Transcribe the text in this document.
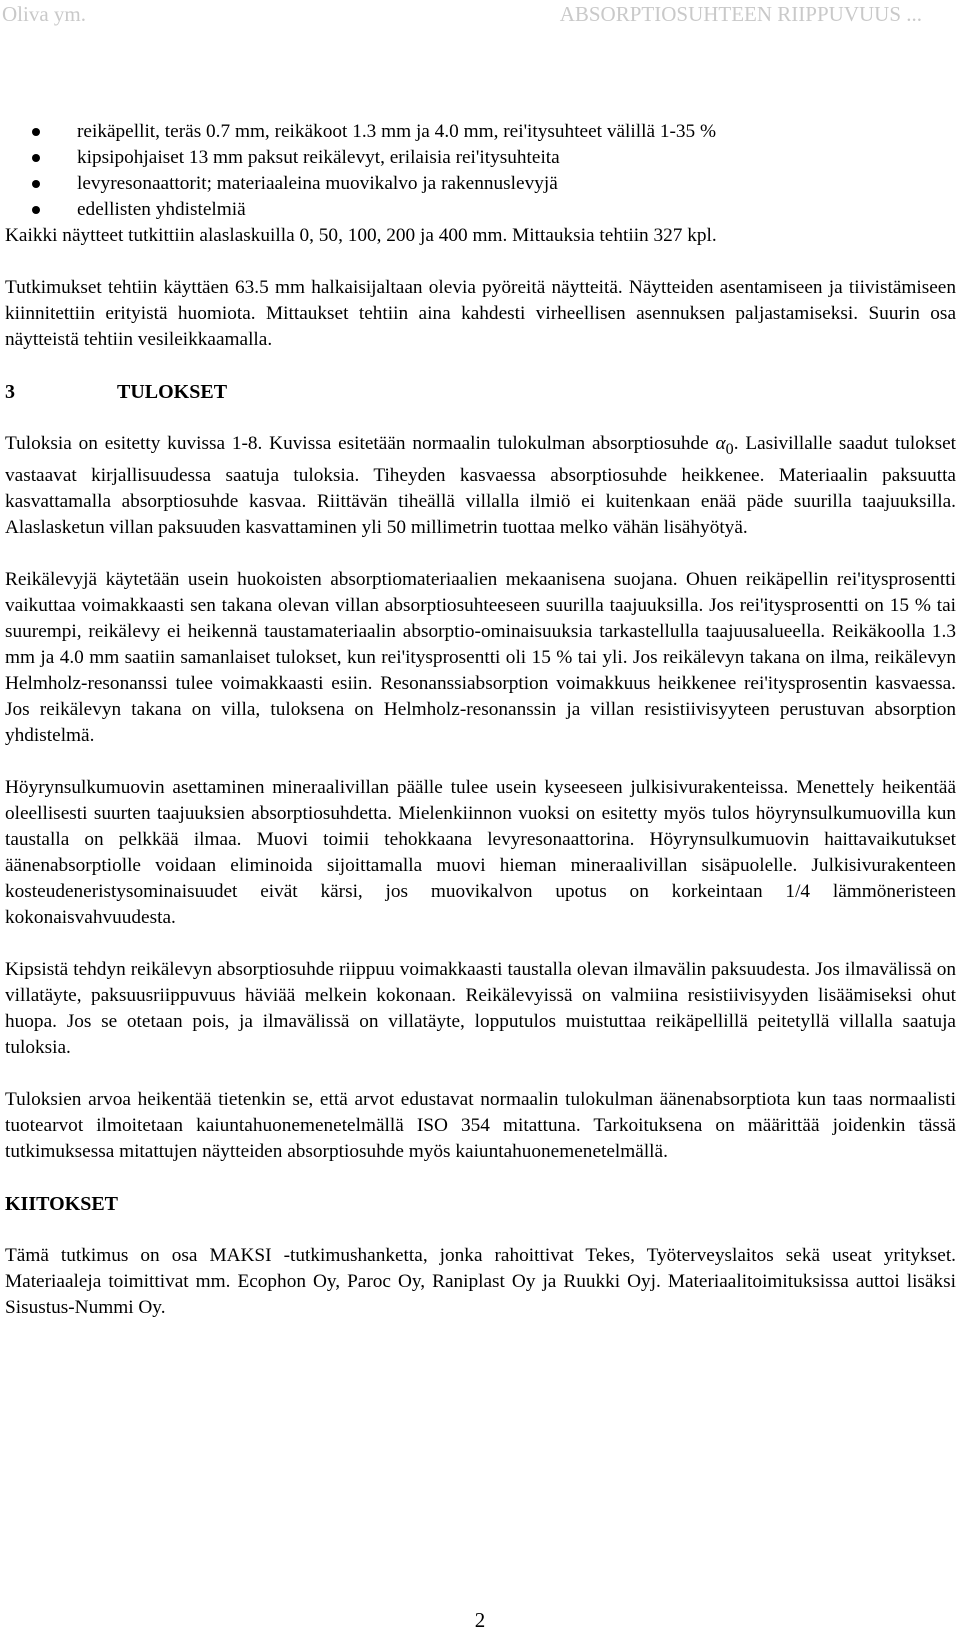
Oliva ym.	ABSORPTIOSUHTEEN RIIPPUVUUS ...
reikäpellit, teräs 0.7 mm, reikäkoot 1.3 mm ja 4.0 mm, rei'itysuhteet välillä 1-35 %
kipsipohjaiset 13 mm paksut reikälevyt, erilaisia rei'itysuhteita
levyresonaattorit; materiaaleina muovikalvo ja rakennuslevyjä
edellisten yhdistelmiä

Kaikki näytteet tutkittiin alaslaskuilla 0, 50, 100, 200 ja 400 mm. Mittauksia tehtiin 327 kpl.

Tutkimukset tehtiin käyttäen 63.5 mm halkaisijaltaan olevia pyöreitä näytteitä. Näytteiden asentamiseen ja tiivistämiseen kiinnitettiin erityistä huomiota. Mittaukset tehtiin aina kahdesti virheellisen asennuksen paljastamiseksi. Suurin osa näytteistä tehtiin vesileikkaamalla.

3	TULOKSET

Tuloksia on esitetty kuvissa 1-8. Kuvissa esitetään normaalin tulokulman absorptiosuhde $\alpha_0$. Lasivillalle saadut tulokset vastaavat kirjallisuudessa saatuja tuloksia. Tiheyden kasvaessa absorptiosuhde heikkenee. Materiaalin paksuutta kasvattamalla absorptiosuhde kasvaa. Riittävän tiheällä villalla ilmiö ei kuitenkaan enää päde suurilla taajuuksilla. Alaslasketun villan paksuuden kasvattaminen yli 50 millimetrin tuottaa melko vähän lisähyötyä.

Reikälevyjä käytetään usein huokoisten absorptiomateriaalien mekaanisena suojana. Ohuen reikäpellin rei'itysprosentti vaikuttaa voimakkaasti sen takana olevan villan absorptiosuhteeseen suurilla taajuuksilla. Jos rei'itysprosentti on 15 % tai suurempi, reikälevy ei heikennä taustamateriaalin absorptio-ominaisuuksia tarkastellulla taajuusalueella. Reikäkoolla 1.3 mm ja 4.0 mm saatiin samanlaiset tulokset, kun rei'itysprosentti oli 15 % tai yli. Jos reikälevyn takana on ilma, reikälevyn Helmholz-resonanssi tulee voimakkaasti esiin. Resonanssiabsorption voimakkuus heikkenee rei'itysprosentin kasvaessa. Jos reikälevyn takana on villa, tuloksena on Helmholz-resonanssin ja villan resistiivisyyteen perustuvan absorption yhdistelmä.

Höyrynsulkumuovin asettaminen mineraalivillan päälle tulee usein kyseeseen julkisivurakenteissa. Menettely heikentää oleellisesti suurten taajuuksien absorptiosuhdetta. Mielenkiinnon vuoksi on esitetty myös tulos höyrynsulkumuovilla kun taustalla on pelkkää ilmaa. Muovi toimii tehokkaana levyresonaattorina. Höyrynsulkumuovin haittavaikutukset äänenabsorptiolle voidaan eliminoida sijoittamalla muovi hieman mineraalivillan sisäpuolelle. Julkisivurakenteen kosteudeneristysominaisuudet eivät kärsi, jos muovikalvon upotus on korkeintaan 1/4 lämmöneristeen kokonaisvahvuudesta.

Kipsistä tehdyn reikälevyn absorptiosuhde riippuu voimakkaasti taustalla olevan ilmavälin paksuudesta. Jos ilmavälissä on villatäyte, paksuusriippuvuus häviää melkein kokonaan. Reikälevyissä on valmiina resistiivisyyden lisäämiseksi ohut huopa. Jos se otetaan pois, ja ilmavälissä on villatäyte, lopputulos muistuttaa reikäpellillä peitetyllä villalla saatuja tuloksia.

Tuloksien arvoa heikentää tietenkin se, että arvot edustavat normaalin tulokulman äänenabsorptiota kun taas normaalisti tuotearvot ilmoitetaan kaiuntahuonemenetelmällä ISO 354 mitattuna. Tarkoituksena on määrittää joidenkin tässä tutkimuksessa mitattujen näytteiden absorptiosuhde myös kaiuntahuonemenetelmällä.

KIITOKSET

Tämä tutkimus on osa MAKSI -tutkimushanketta, jonka rahoittivat Tekes, Työterveyslaitos sekä useat yritykset. Materiaaleja toimittivat mm. Ecophon Oy, Paroc Oy, Raniplast Oy ja Ruukki Oyj. Materiaalitoimituksissa auttoi lisäksi Sisustus-Nummi Oy.

2
